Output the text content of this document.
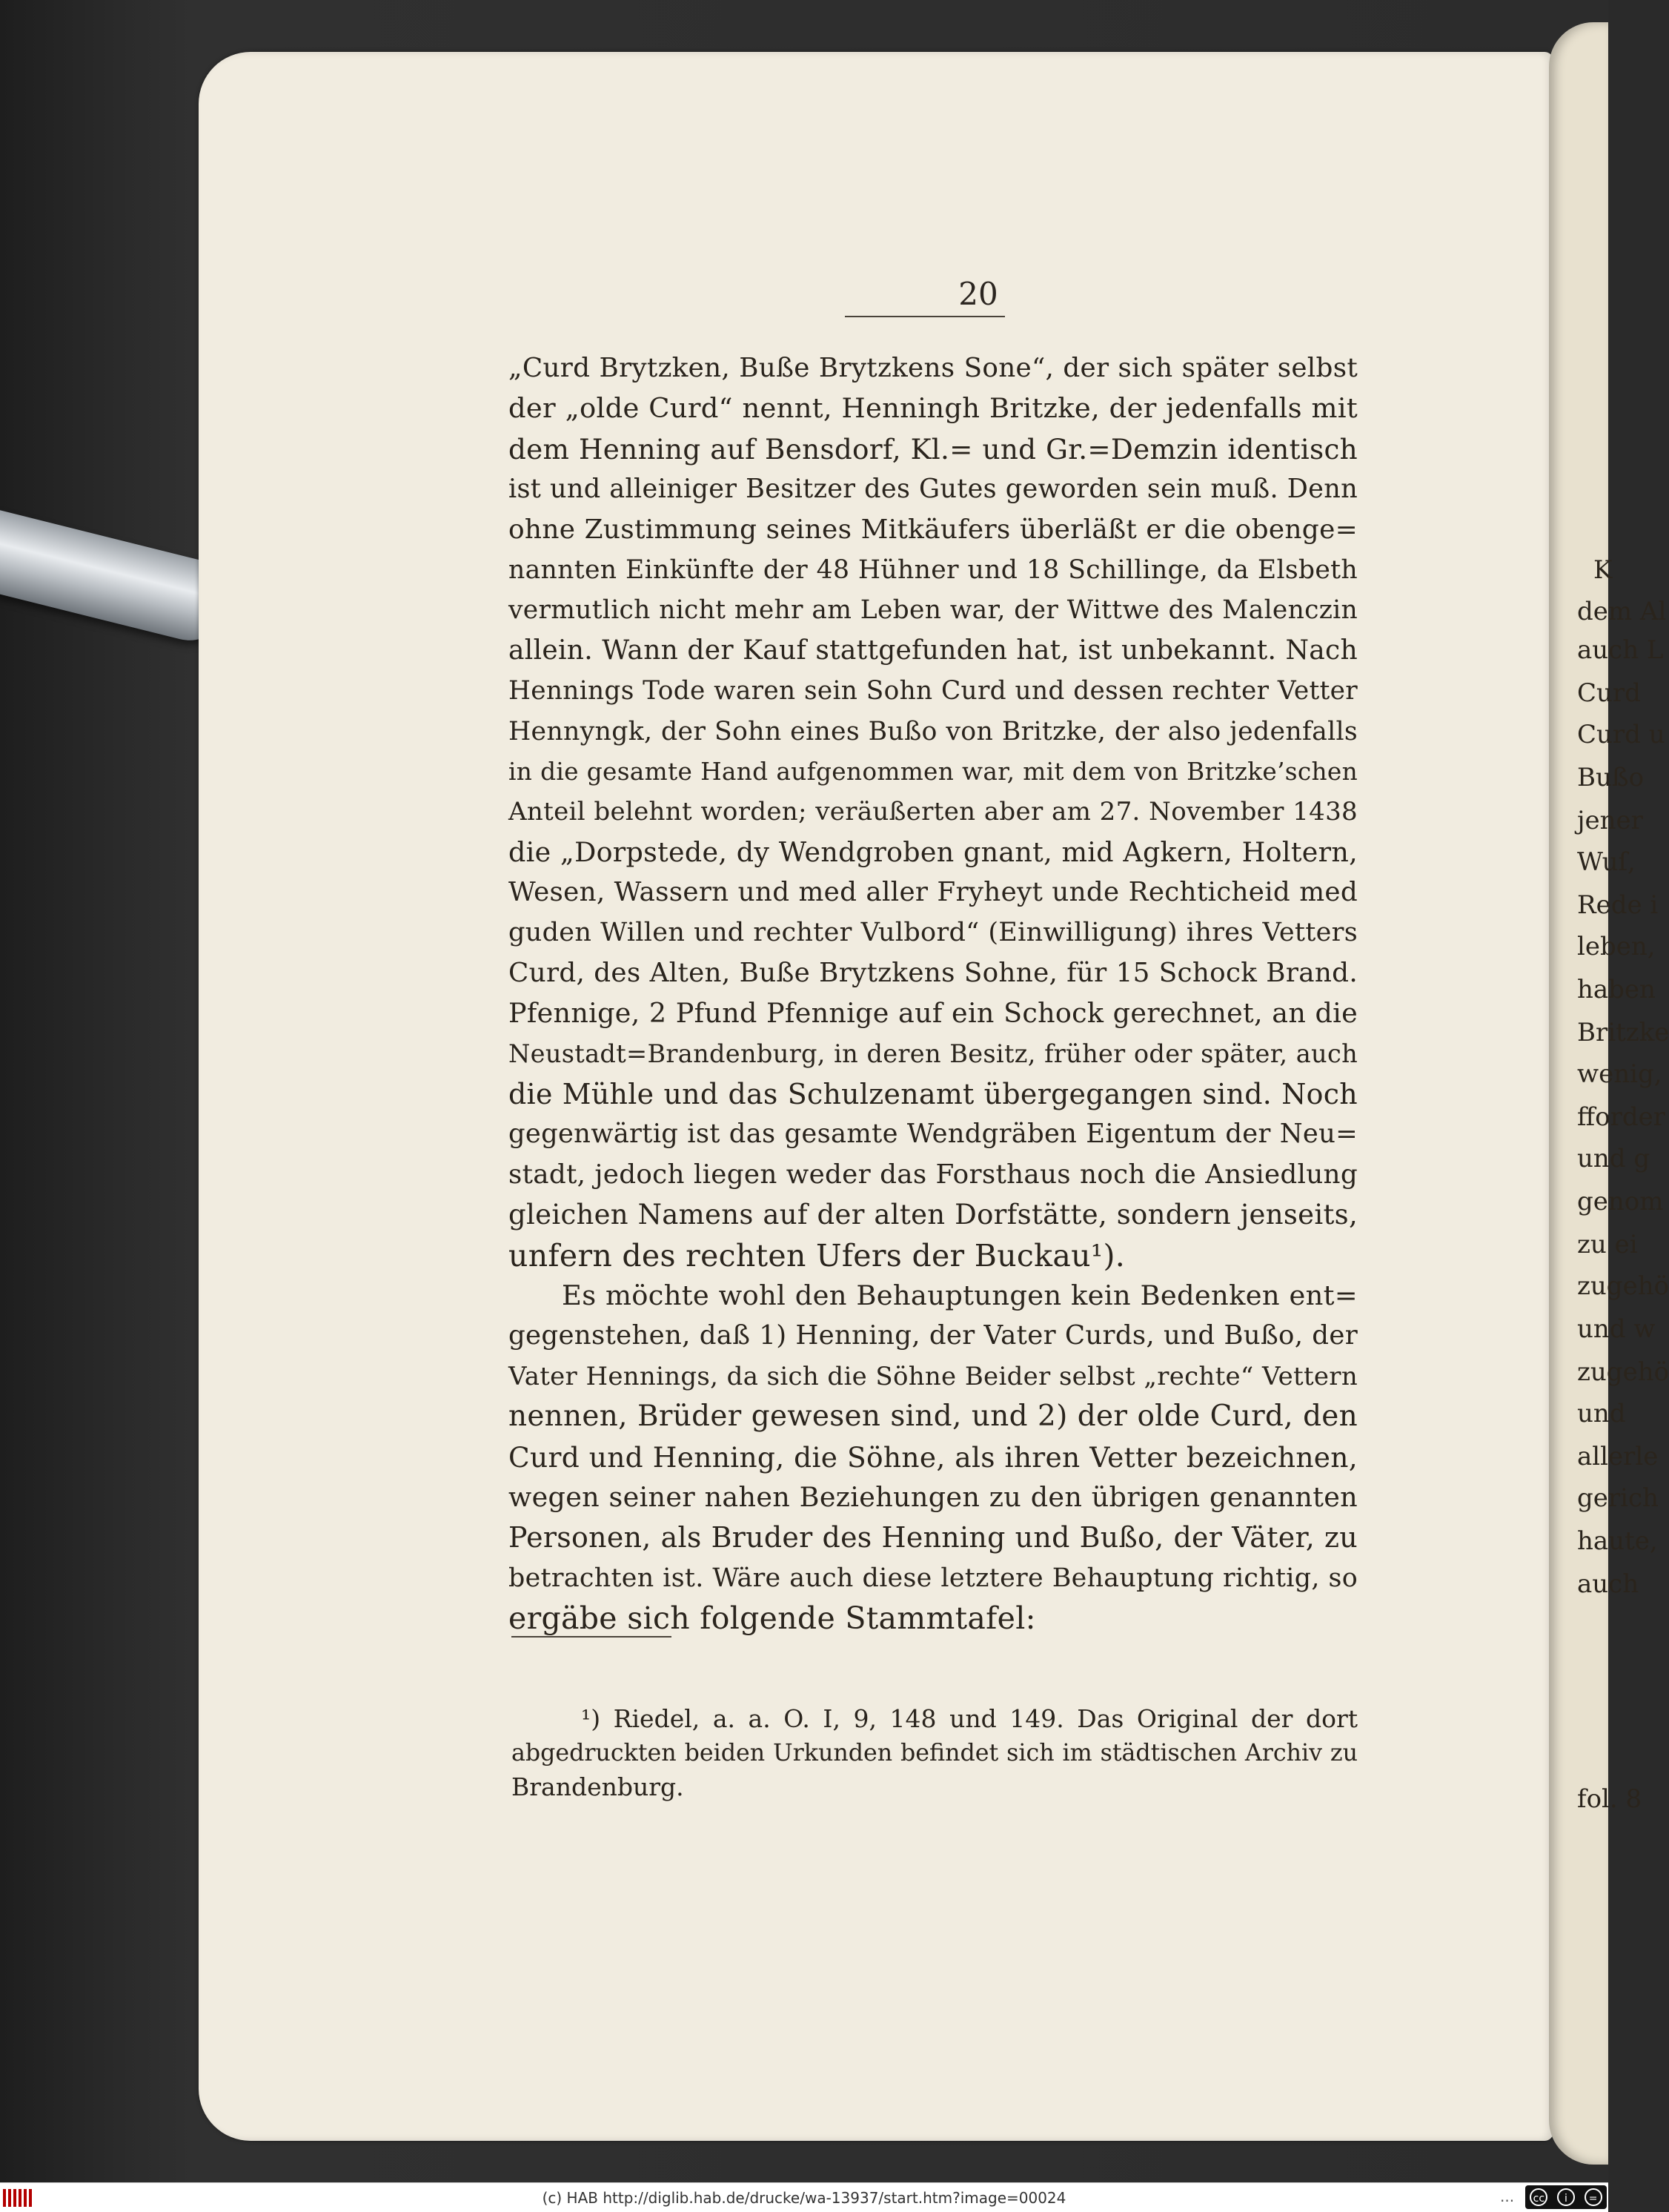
K
dem Al
auch L
Curd
Curd u
Bußo
jener
Wuſ,
Rede i
leben,
haben
Britzke
wenig,
fforder
und g
genom
zu ei
zugehö
und w
zugehö
und
allerle
gerich
haute,
auch
fol. 8
20
„Curd Brytzken, Buße Brytzkens Sone“, der sich später selbst
der „olde Curd“ nennt, Henningh Britzke, der jedenfalls mit
dem Henning auf Bensdorf, Kl.= und Gr.=Demzin identisch
ist und alleiniger Besitzer des Gutes geworden sein muß. Denn
ohne Zustimmung seines Mitkäufers überläßt er die obenge=
nannten Einkünfte der 48 Hühner und 18 Schillinge, da Elsbeth
vermutlich nicht mehr am Leben war, der Wittwe des Malenczin
allein. Wann der Kauf stattgefunden hat, ist unbekannt. Nach
Hennings Tode waren sein Sohn Curd und dessen rechter Vetter
Hennyngk, der Sohn eines Bußo von Britzke, der also jedenfalls
in die gesamte Hand aufgenommen war, mit dem von Britzke’schen
Anteil belehnt worden; veräußerten aber am 27. November 1438
die „Dorpstede, dy Wendgroben gnant, mid Agkern, Holtern,
Wesen, Wassern und med aller Fryheyt unde Rechticheid med
guden Willen und rechter Vulbord“ (Einwilligung) ihres Vetters
Curd, des Alten, Buße Brytzkens Sohne, für 15 Schock Brand.
Pfennige, 2 Pfund Pfennige auf ein Schock gerechnet, an die
Neustadt=Brandenburg, in deren Besitz, früher oder später, auch
die Mühle und das Schulzenamt übergegangen sind. Noch
gegenwärtig ist das gesamte Wendgräben Eigentum der Neu=
stadt, jedoch liegen weder das Forsthaus noch die Ansiedlung
gleichen Namens auf der alten Dorfstätte, sondern jenseits,
unfern des rechten Ufers der Buckau¹).
Es möchte wohl den Behauptungen kein Bedenken ent=
gegenstehen, daß 1) Henning, der Vater Curds, und Bußo, der
Vater Hennings, da sich die Söhne Beider selbst „rechte“ Vettern
nennen, Brüder gewesen sind, und 2) der olde Curd, den
Curd und Henning, die Söhne, als ihren Vetter bezeichnen,
wegen seiner nahen Beziehungen zu den übrigen genannten
Personen, als Bruder des Henning und Bußo, der Väter, zu
betrachten ist. Wäre auch diese letztere Behauptung richtig, so
ergäbe sich folgende Stammtafel:
¹) Riedel, a. a. O. I, 9, 148 und 149. Das Original der dort
abgedruckten beiden Urkunden befindet sich im städtischen Archiv zu
Brandenburg.
(c) HAB http://diglib.hab.de/drucke/wa-13937/start.htm?image=00024	...	cc	i	=
